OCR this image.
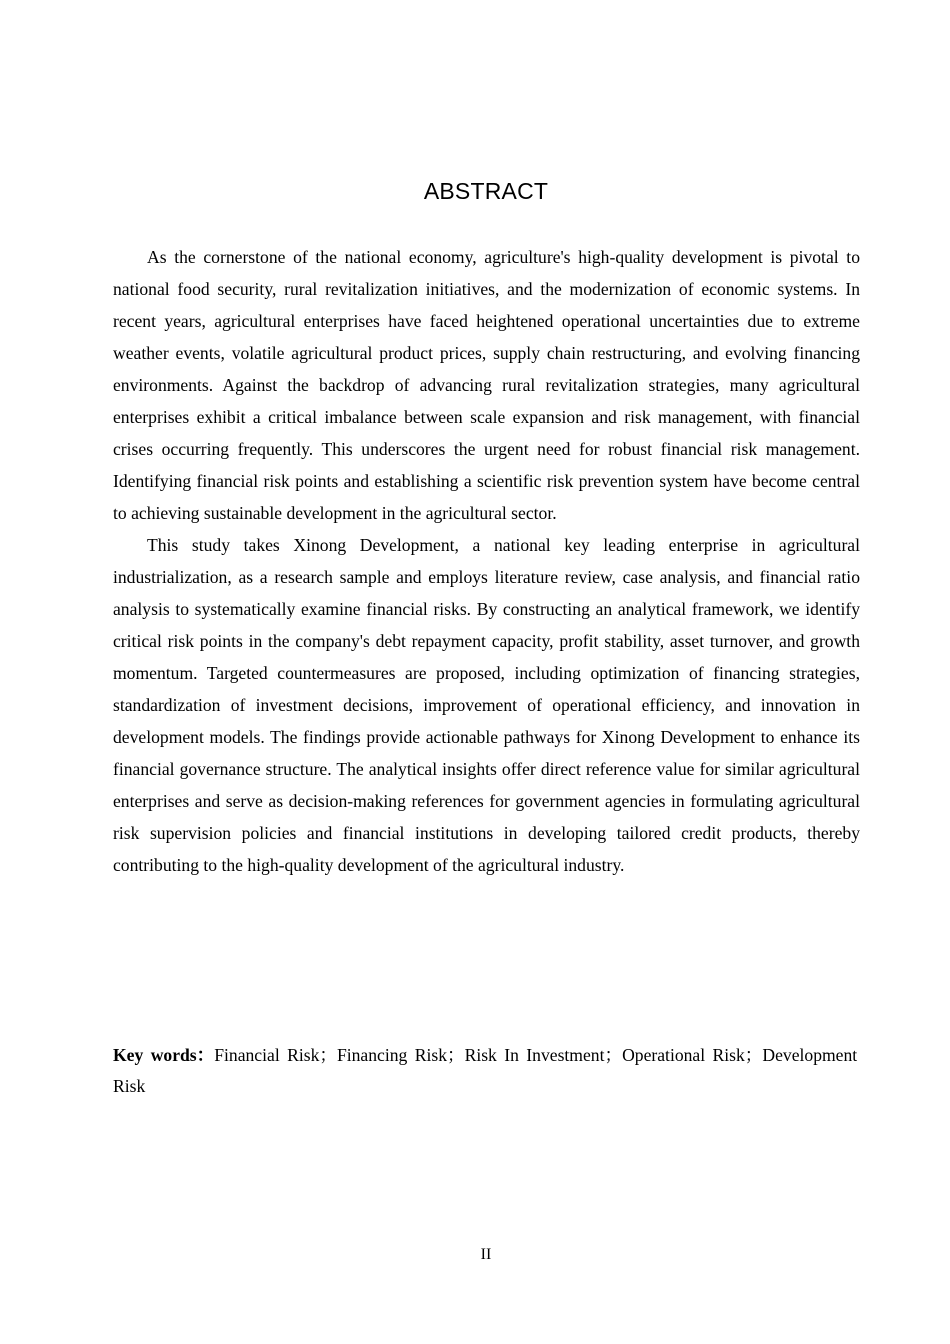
ABSTRACT

As the cornerstone of the national economy, agriculture's high-quality development is pivotal to national food security, rural revitalization initiatives, and the modernization of economic systems. In recent years, agricultural enterprises have faced heightened operational uncertainties due to extreme weather events, volatile agricultural product prices, supply chain restructuring, and evolving financing environments. Against the backdrop of advancing rural revitalization strategies, many agricultural enterprises exhibit a critical imbalance between scale expansion and risk management, with financial crises occurring frequently. This underscores the urgent need for robust financial risk management. Identifying financial risk points and establishing a scientific risk prevention system have become central to achieving sustainable development in the agricultural sector.

This study takes Xinong Development, a national key leading enterprise in agricultural industrialization, as a research sample and employs literature review, case analysis, and financial ratio analysis to systematically examine financial risks. By constructing an analytical framework, we identify critical risk points in the company's debt repayment capacity, profit stability, asset turnover, and growth momentum. Targeted countermeasures are proposed, including optimization of financing strategies, standardization of investment decisions, improvement of operational efficiency, and innovation in development models. The findings provide actionable pathways for Xinong Development to enhance its financial governance structure. The analytical insights offer direct reference value for similar agricultural enterprises and serve as decision-making references for government agencies in formulating agricultural risk supervision policies and financial institutions in developing tailored credit products, thereby contributing to the high-quality development of the agricultural industry.

Key words：Financial Risk；Financing Risk；Risk In Investment；Operational Risk；Development Risk
II
